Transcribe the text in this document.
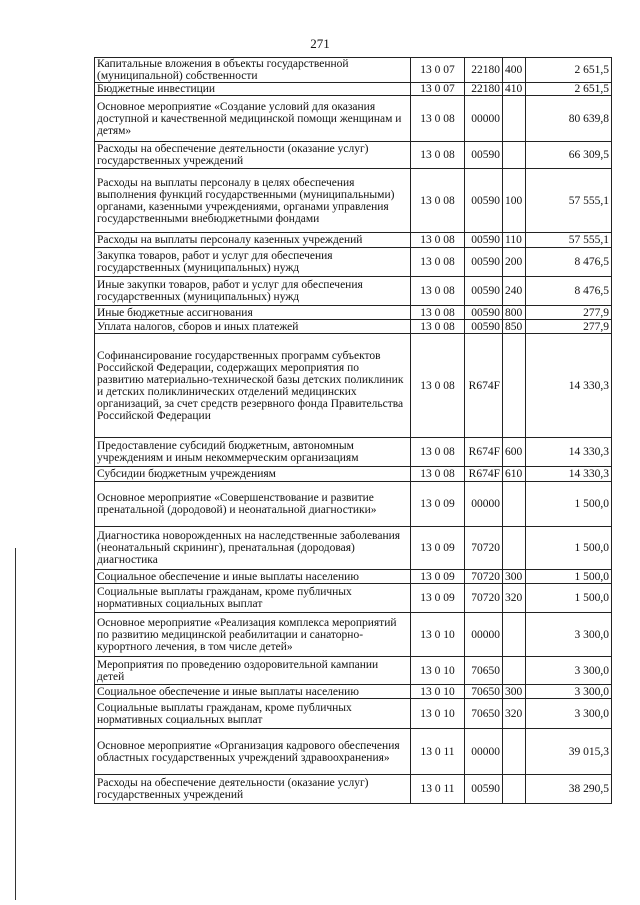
271
Капитальные вложения в объекты государственной (муниципальной) собственности	13 0 07	22180	400	2 651,5
Бюджетные инвестиции	13 0 07	22180	410	2 651,5
Основное мероприятие «Создание условий для оказания доступной и качественной медицинской помощи женщинам и детям»	13 0 08	00000		80 639,8
Расходы на обеспечение деятельности (оказание услуг) государственных учреждений	13 0 08	00590		66 309,5
Расходы на выплаты персоналу в целях обеспечения выполнения функций государственными (муниципальными) органами, казенными учреждениями, органами управления государственными внебюджетными фондами	13 0 08	00590	100	57 555,1
Расходы на выплаты персоналу казенных учреждений	13 0 08	00590	110	57 555,1
Закупка товаров, работ и услуг для обеспечения государственных (муниципальных) нужд	13 0 08	00590	200	8 476,5
Иные закупки товаров, работ и услуг для обеспечения государственных (муниципальных) нужд	13 0 08	00590	240	8 476,5
Иные бюджетные ассигнования	13 0 08	00590	800	277,9
Уплата налогов, сборов и иных платежей	13 0 08	00590	850	277,9
Софинансирование государственных программ субъектов Российской Федерации, содержащих мероприятия по развитию материально-технической базы детских поликлиник и детских поликлинических отделений медицинских организаций, за счет средств резервного фонда Правительства Российской Федерации	13 0 08	R674F		14 330,3
Предоставление субсидий бюджетным, автономным учреждениям и иным некоммерческим организациям	13 0 08	R674F	600	14 330,3
Субсидии бюджетным учреждениям	13 0 08	R674F	610	14 330,3
Основное мероприятие «Совершенствование и развитие пренатальной (дородовой) и неонатальной диагностики»	13 0 09	00000		1 500,0
Диагностика новорожденных на наследственные заболевания (неонатальный скрининг), пренатальная (дородовая) диагностика	13 0 09	70720		1 500,0
Социальное обеспечение и иные выплаты населению	13 0 09	70720	300	1 500,0
Социальные выплаты гражданам, кроме публичных нормативных социальных выплат	13 0 09	70720	320	1 500,0
Основное мероприятие «Реализация комплекса мероприятий по развитию медицинской реабилитации и санаторно-курортного лечения, в том числе детей»	13 0 10	00000		3 300,0
Мероприятия по проведению оздоровительной кампании детей	13 0 10	70650		3 300,0
Социальное обеспечение и иные выплаты населению	13 0 10	70650	300	3 300,0
Социальные выплаты гражданам, кроме публичных нормативных социальных выплат	13 0 10	70650	320	3 300,0
Основное мероприятие «Организация кадрового обеспечения областных государственных учреждений здравоохранения»	13 0 11	00000		39 015,3
Расходы на обеспечение деятельности (оказание услуг) государственных учреждений	13 0 11	00590		38 290,5
